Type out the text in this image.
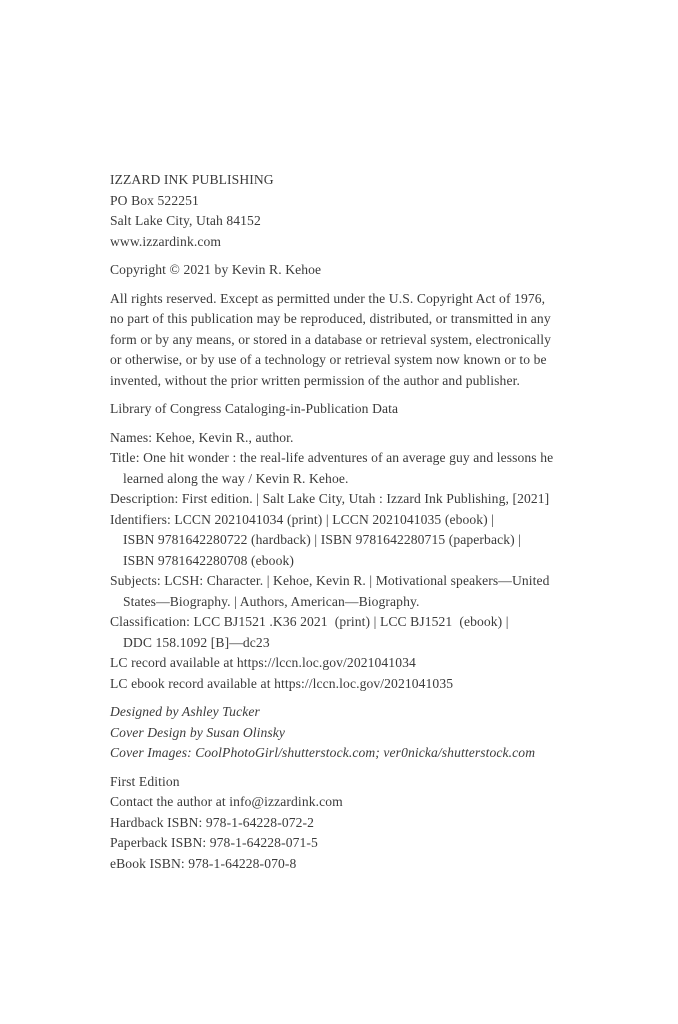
IZZARD INK PUBLISHING

PO Box 522251

Salt Lake City, Utah 84152

www.izzardink.com

Copyright © 2021 by Kevin R. Kehoe

All rights reserved. Except as permitted under the U.S. Copyright Act of 1976,

no part of this publication may be reproduced, distributed, or transmitted in any

form or by any means, or stored in a database or retrieval system, electronically

or otherwise, or by use of a technology or retrieval system now known or to be

invented, without the prior written permission of the author and publisher.

Library of Congress Cataloging-in-Publication Data

Names: Kehoe, Kevin R., author.

Title: One hit wonder : the real-life adventures of an average guy and lessons he

learned along the way / Kevin R. Kehoe.

Description: First edition. | Salt Lake City, Utah : Izzard Ink Publishing, [2021]

Identifiers: LCCN 2021041034 (print) | LCCN 2021041035 (ebook) |

ISBN 9781642280722 (hardback) | ISBN 9781642280715 (paperback) |

ISBN 9781642280708 (ebook)

Subjects: LCSH: Character. | Kehoe, Kevin R. | Motivational speakers—United

States—Biography. | Authors, American—Biography.

Classification: LCC BJ1521 .K36 2021  (print) | LCC BJ1521  (ebook) |

DDC 158.1092 [B]—dc23

LC record available at https://lccn.loc.gov/2021041034

LC ebook record available at https://lccn.loc.gov/2021041035

Designed by Ashley Tucker

Cover Design by Susan Olinsky

Cover Images: CoolPhotoGirl/shutterstock.com; ver0nicka/shutterstock.com

First Edition

Contact the author at info@izzardink.com

Hardback ISBN: 978-1-64228-072-2

Paperback ISBN: 978-1-64228-071-5

eBook ISBN: 978-1-64228-070-8
